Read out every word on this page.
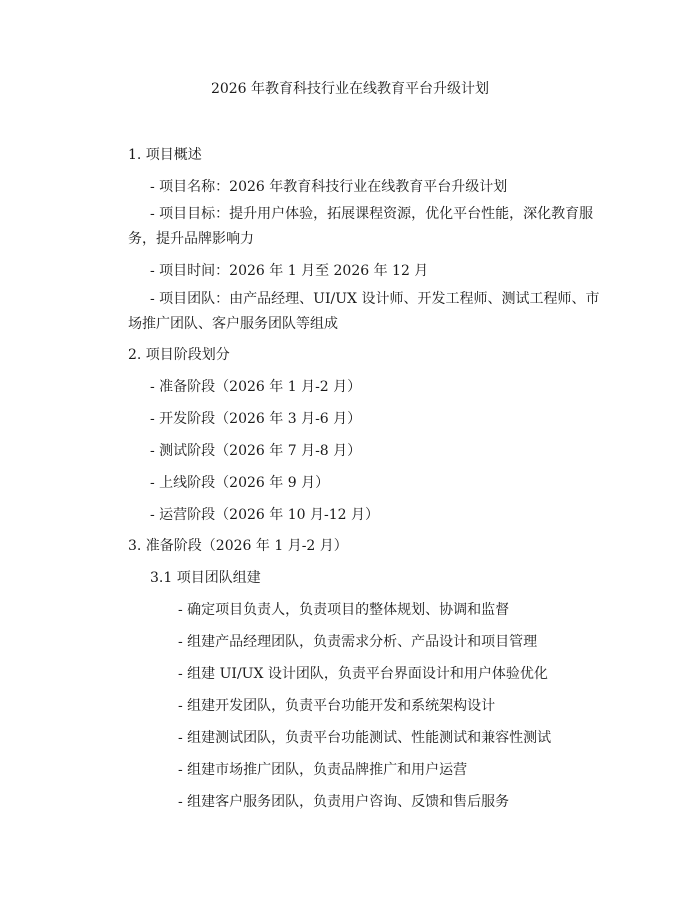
2026 年教育科技行业在线教育平台升级计划
1. 项目概述
- 项目名称：2026 年教育科技行业在线教育平台升级计划
- 项目目标：提升用户体验，拓展课程资源，优化平台性能，深化教育服务，提升品牌影响力
- 项目时间：2026 年 1 月至 2026 年 12 月
- 项目团队：由产品经理、UI/UX 设计师、开发工程师、测试工程师、市场推广团队、客户服务团队等组成
2. 项目阶段划分
- 准备阶段（2026 年 1 月-2 月）
- 开发阶段（2026 年 3 月-6 月）
- 测试阶段（2026 年 7 月-8 月）
- 上线阶段（2026 年 9 月）
- 运营阶段（2026 年 10 月-12 月）
3. 准备阶段（2026 年 1 月-2 月）
3.1 项目团队组建
- 确定项目负责人，负责项目的整体规划、协调和监督
- 组建产品经理团队，负责需求分析、产品设计和项目管理
- 组建 UI/UX 设计团队，负责平台界面设计和用户体验优化
- 组建开发团队，负责平台功能开发和系统架构设计
- 组建测试团队，负责平台功能测试、性能测试和兼容性测试
- 组建市场推广团队，负责品牌推广和用户运营
- 组建客户服务团队，负责用户咨询、反馈和售后服务
